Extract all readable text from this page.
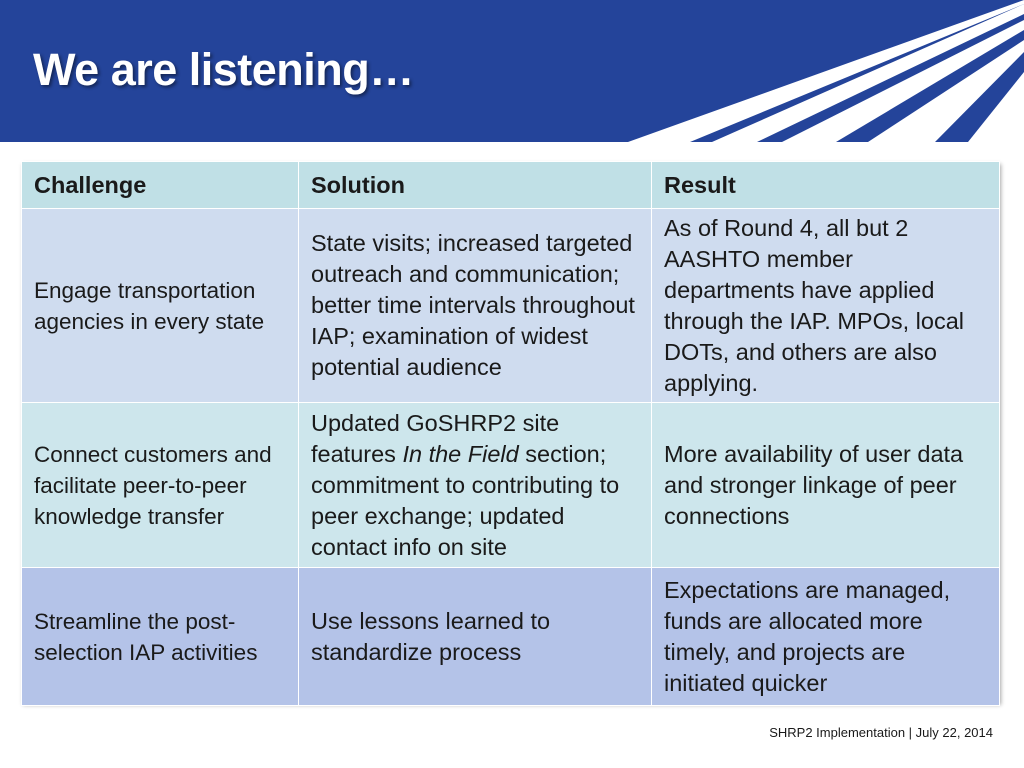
We are listening…
Challenge	Solution	Result
Engage transportation agencies in every state	State visits; increased targeted outreach and communication; better time intervals throughout IAP; examination of widest potential audience	As of Round 4, all but 2 AASHTO member departments have applied through the IAP. MPOs, local DOTs, and others are also applying.
Connect customers and facilitate peer-to-peer knowledge transfer	Updated GoSHRP2 site features In the Field section; commitment to contributing to peer exchange; updated contact info on site	More availability of user data and stronger linkage of peer connections
Streamline the post-selection IAP activities	Use lessons learned to standardize process	Expectations are managed, funds are allocated more timely, and projects are initiated quicker
SHRP2 Implementation | July 22, 2014
